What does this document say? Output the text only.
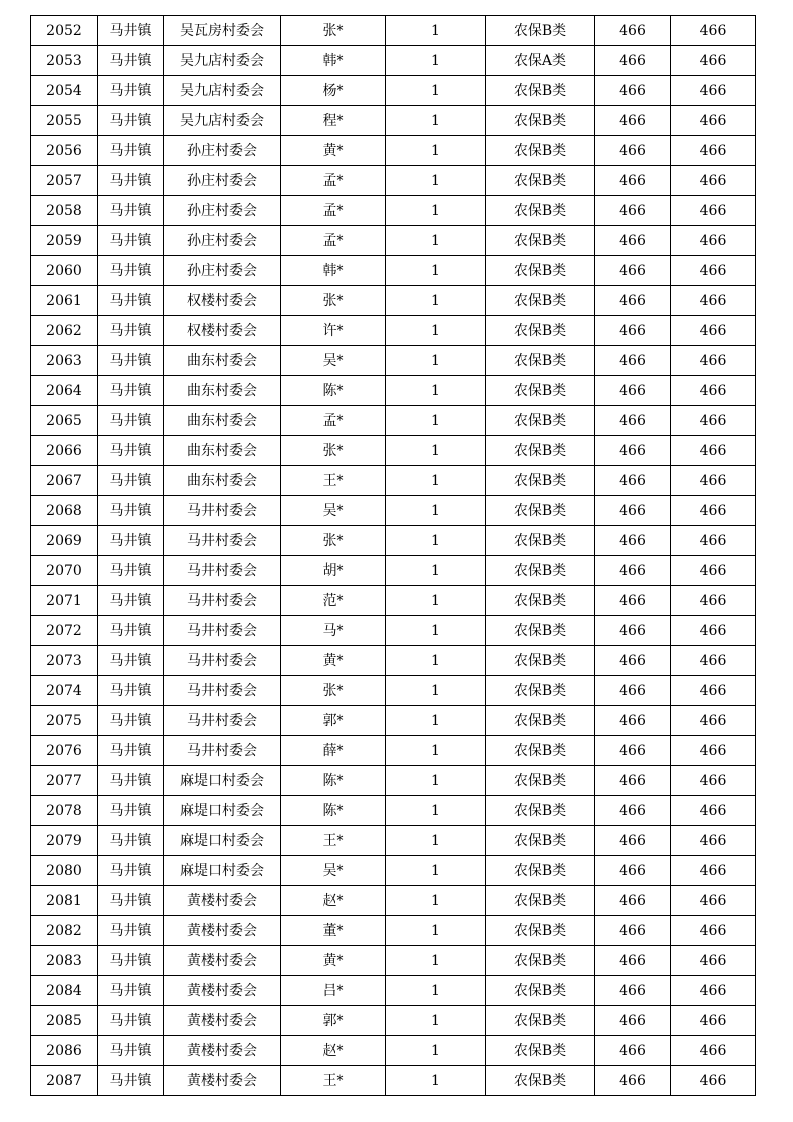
2052	马井镇	吴瓦房村委会	张*	1	农保B类	466	466
2053	马井镇	吴九店村委会	韩*	1	农保A类	466	466
2054	马井镇	吴九店村委会	杨*	1	农保B类	466	466
2055	马井镇	吴九店村委会	程*	1	农保B类	466	466
2056	马井镇	孙庄村委会	黄*	1	农保B类	466	466
2057	马井镇	孙庄村委会	孟*	1	农保B类	466	466
2058	马井镇	孙庄村委会	孟*	1	农保B类	466	466
2059	马井镇	孙庄村委会	孟*	1	农保B类	466	466
2060	马井镇	孙庄村委会	韩*	1	农保B类	466	466
2061	马井镇	权楼村委会	张*	1	农保B类	466	466
2062	马井镇	权楼村委会	许*	1	农保B类	466	466
2063	马井镇	曲东村委会	吴*	1	农保B类	466	466
2064	马井镇	曲东村委会	陈*	1	农保B类	466	466
2065	马井镇	曲东村委会	孟*	1	农保B类	466	466
2066	马井镇	曲东村委会	张*	1	农保B类	466	466
2067	马井镇	曲东村委会	王*	1	农保B类	466	466
2068	马井镇	马井村委会	吴*	1	农保B类	466	466
2069	马井镇	马井村委会	张*	1	农保B类	466	466
2070	马井镇	马井村委会	胡*	1	农保B类	466	466
2071	马井镇	马井村委会	范*	1	农保B类	466	466
2072	马井镇	马井村委会	马*	1	农保B类	466	466
2073	马井镇	马井村委会	黄*	1	农保B类	466	466
2074	马井镇	马井村委会	张*	1	农保B类	466	466
2075	马井镇	马井村委会	郭*	1	农保B类	466	466
2076	马井镇	马井村委会	薛*	1	农保B类	466	466
2077	马井镇	麻堤口村委会	陈*	1	农保B类	466	466
2078	马井镇	麻堤口村委会	陈*	1	农保B类	466	466
2079	马井镇	麻堤口村委会	王*	1	农保B类	466	466
2080	马井镇	麻堤口村委会	吴*	1	农保B类	466	466
2081	马井镇	黄楼村委会	赵*	1	农保B类	466	466
2082	马井镇	黄楼村委会	董*	1	农保B类	466	466
2083	马井镇	黄楼村委会	黄*	1	农保B类	466	466
2084	马井镇	黄楼村委会	吕*	1	农保B类	466	466
2085	马井镇	黄楼村委会	郭*	1	农保B类	466	466
2086	马井镇	黄楼村委会	赵*	1	农保B类	466	466
2087	马井镇	黄楼村委会	王*	1	农保B类	466	466
